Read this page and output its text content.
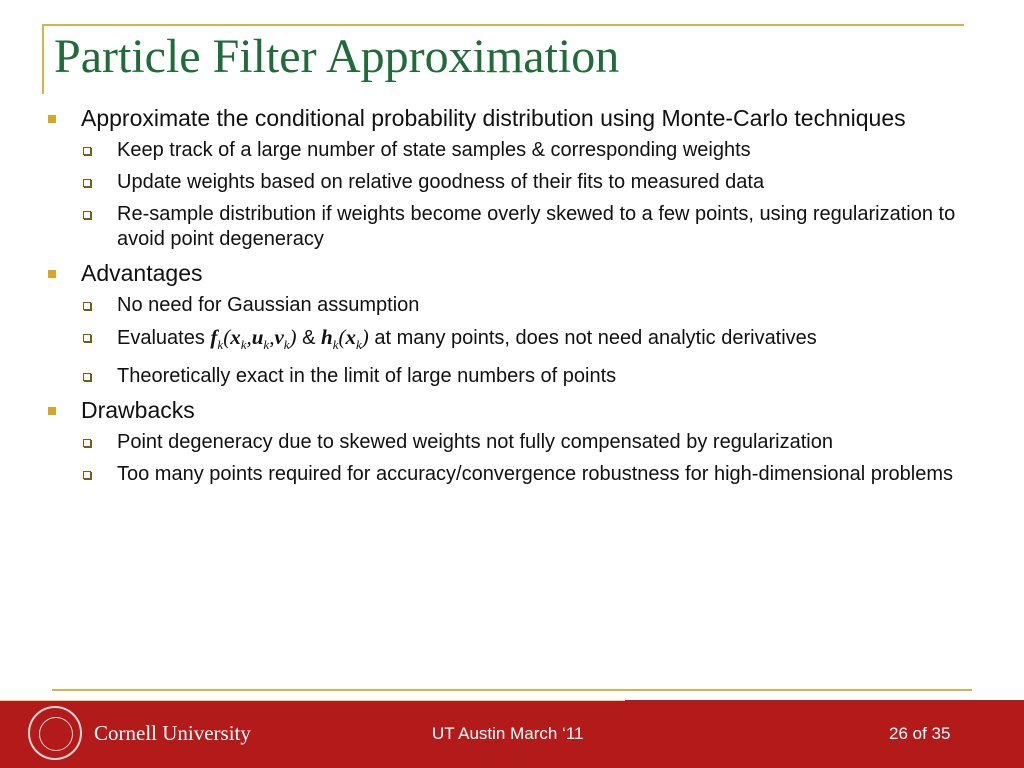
Particle Filter Approximation
Approximate the conditional probability distribution using Monte-Carlo techniques
Keep track of a large number of state samples & corresponding weights
Update weights based on relative goodness of their fits to measured data
Re-sample distribution if weights become overly skewed to a few points, using regularization to avoid point degeneracy
Advantages
No need for Gaussian assumption
Evaluates $f_k(x_k,u_k,v_k)$ & $h_k(x_k)$ at many points, does not need analytic derivatives
Theoretically exact in the limit of large numbers of points
Drawbacks
Point degeneracy due to skewed weights not fully compensated by regularization
Too many points required for accuracy/convergence robustness for high-dimensional problems
Cornell University	UT Austin March ‘11	26 of 35
